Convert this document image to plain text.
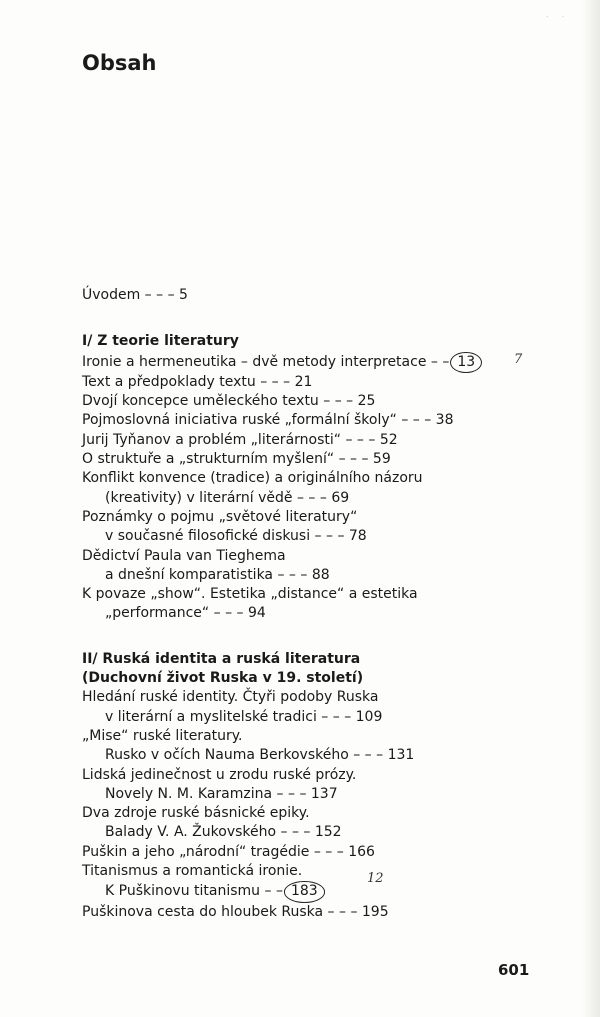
· ·
Obsah
Úvodem – – – 5
I/ Z teorie literatury
Ironie a hermeneutika – dvě metody interpretace – – 13	7
Text a předpoklady textu – – – 21
Dvojí koncepce uměleckého textu – – – 25
Pojmoslovná iniciativa ruské „formální školy“ – – – 38
Jurij Tyňanov a problém „literárnosti“ – – – 52
O struktuře a „strukturním myšlení“ – – – 59
Konflikt konvence (tradice) a originálního názoru
(kreativity) v literární vědě – – – 69
Poznámky o pojmu „světové literatury“
v současné filosofické diskusi – – – 78
Dědictví Paula van Tieghema
a dnešní komparatistika – – – 88
K povaze „show“. Estetika „distance“ a estetika
„performance“ – – – 94
II/ Ruská identita a ruská literatura
(Duchovní život Ruska v 19. století)
Hledání ruské identity. Čtyři podoby Ruska
v literární a myslitelské tradici – – – 109
„Mise“ ruské literatury.
Rusko v očích Nauma Berkovského – – – 131
Lidská jedinečnost u zrodu ruské prózy.
Novely N. M. Karamzina – – – 137
Dva zdroje ruské básnické epiky.
Balady V. A. Žukovského – – – 152
Puškin a jeho „národní“ tragédie – – – 166
Titanismus a romantická ironie.
K Puškinovu titanismu – – 183
12
Puškinova cesta do hloubek Ruska – – – 195
601
